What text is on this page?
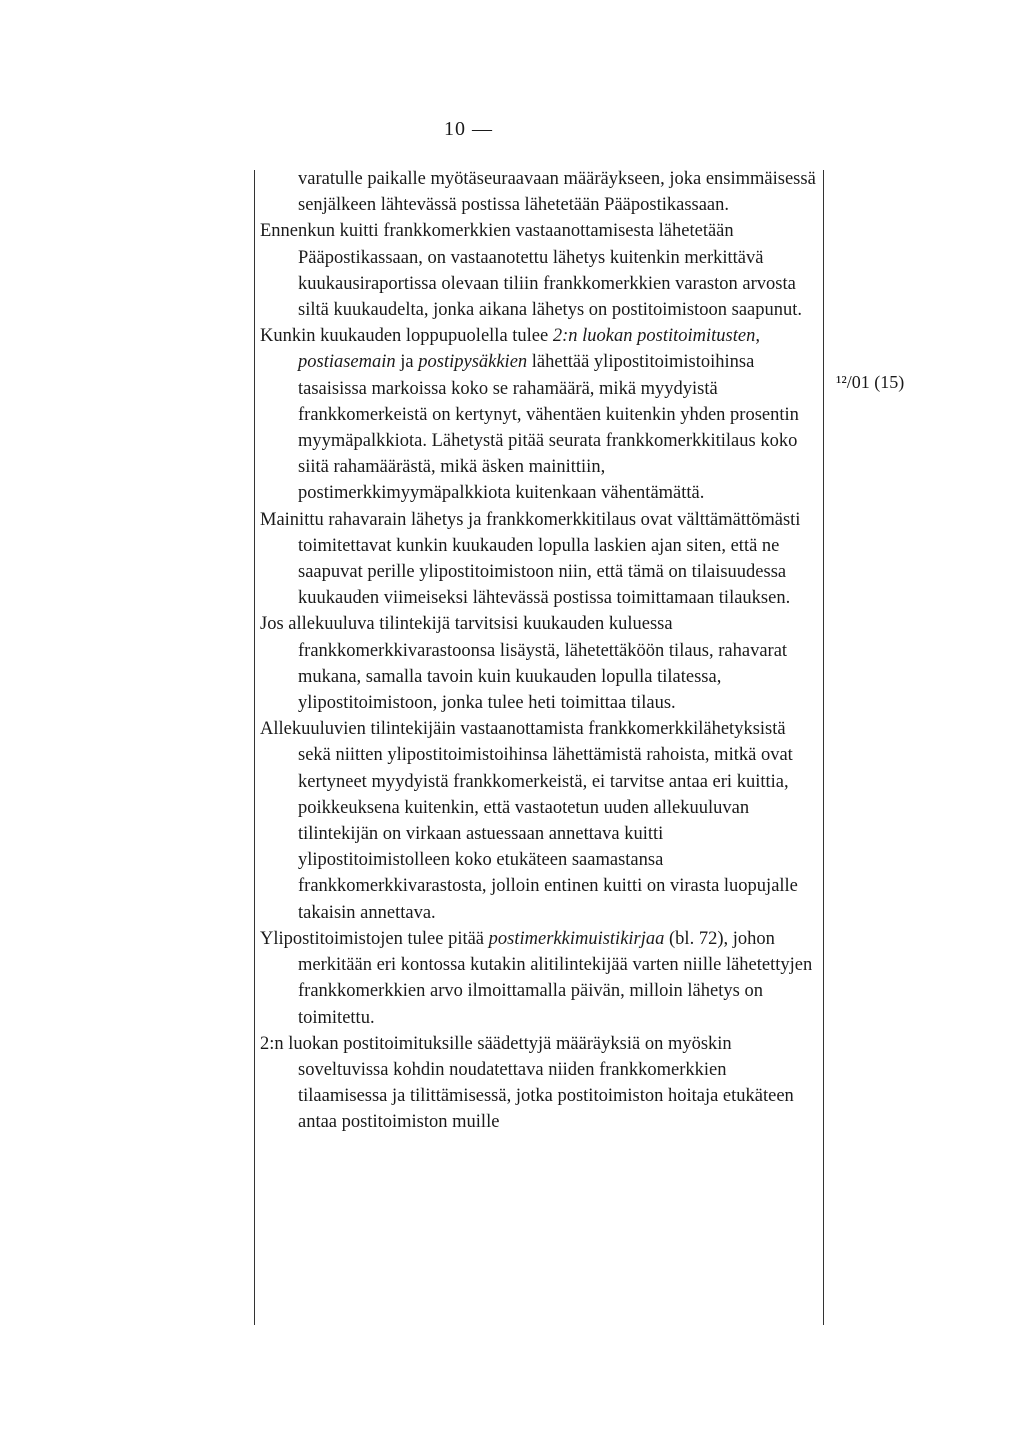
10 —

varatulle paikalle myötäseuraavaan määräykseen, joka ensimmäisessä senjälkeen lähtevässä postissa lähetetään Pääpostikassaan.

Ennenkun kuitti frankkomerkkien vastaanottamisesta lähetetään Pääpostikassaan, on vastaanotettu lähetys kuitenkin merkittävä kuukausiraportissa olevaan tiliin frankkomerkkien varaston arvosta siltä kuukaudelta, jonka aikana lähetys on postitoimistoon saapunut.

Kunkin kuukauden loppupuolella tulee 2:n luokan postitoimitusten, postiasemain ja postipysäkkien lähettää ylipostitoimistoihinsa tasaisissa markoissa koko se rahamäärä, mikä myydyistä frankkomerkeistä on kertynyt, vähentäen kuitenkin yhden prosentin myymäpalkkiota. Lähetystä pitää seurata frankkomerkkitilaus koko siitä rahamäärästä, mikä äsken mainittiin, postimerkkimyymäpalkkiota kuitenkaan vähentämättä.

Mainittu rahavarain lähetys ja frankkomerkkitilaus ovat välttämättömästi toimitettavat kunkin kuukauden lopulla laskien ajan siten, että ne saapuvat perille ylipostitoimistoon niin, että tämä on tilaisuudessa kuukauden viimeiseksi lähtevässä postissa toimittamaan tilauksen.

Jos allekuuluva tilintekijä tarvitsisi kuukauden kuluessa frankkomerkkivarastoonsa lisäystä, lähetettäköön tilaus, rahavarat mukana, samalla tavoin kuin kuukauden lopulla tilatessa, ylipostitoimistoon, jonka tulee heti toimittaa tilaus.

Allekuuluvien tilintekijäin vastaanottamista frankkomerkkilähetyksistä sekä niitten ylipostitoimistoihinsa lähettämistä rahoista, mitkä ovat kertyneet myydyistä frankkomerkeistä, ei tarvitse antaa eri kuittia, poikkeuksena kuitenkin, että vastaotetun uuden allekuuluvan tilintekijän on virkaan astuessaan annettava kuitti ylipostitoimistolleen koko etukäteen saamastansa frankkomerkkivarastosta, jolloin entinen kuitti on virasta luopujalle takaisin annettava.

Ylipostitoimistojen tulee pitää postimerkkimuistikirjaa (bl. 72), johon merkitään eri kontossa kutakin alitilintekijää varten niille lähetettyjen frankkomerkkien arvo ilmoittamalla päivän, milloin lähetys on toimitettu.

2:n luokan postitoimituksille säädettyjä määräyksiä on myöskin soveltuvissa kohdin noudatettava niiden frankkomerkkien tilaamisessa ja tilittämisessä, jotka postitoimiston hoitaja etukäteen antaa postitoimiston muille

¹²/01 (15)
